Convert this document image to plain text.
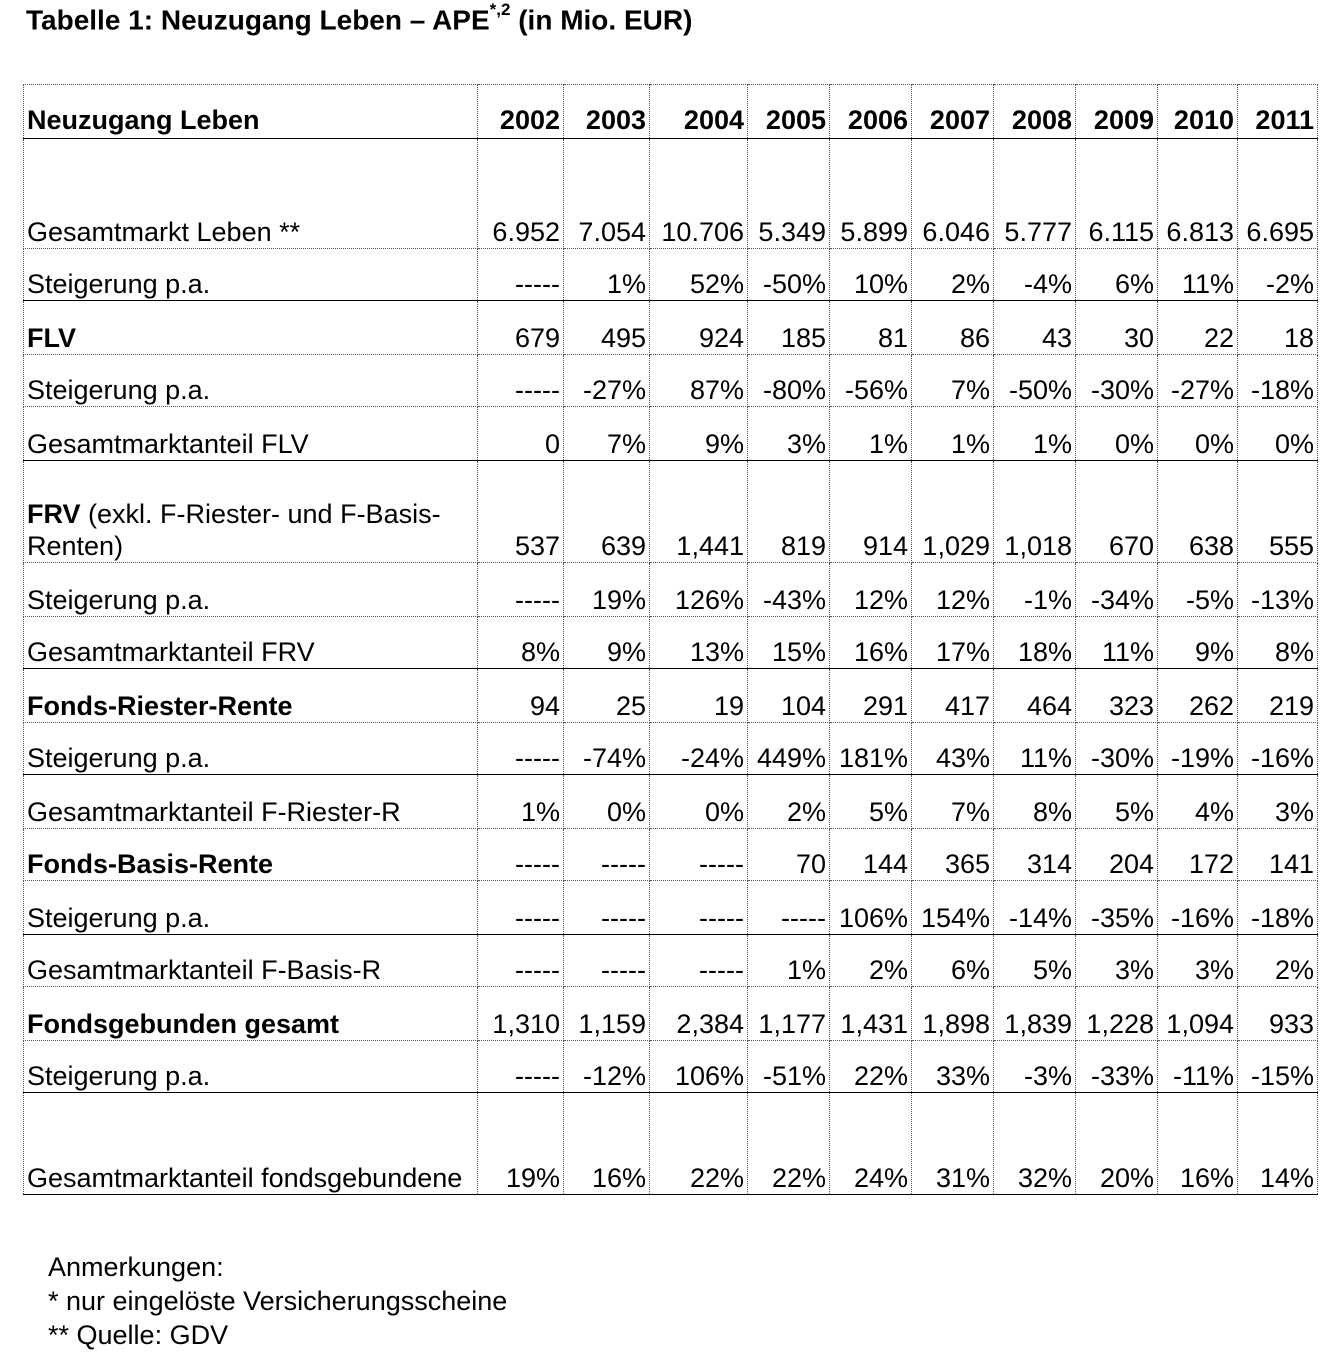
Tabelle 1: Neuzugang Leben – $APE^{*,2}$ (in Mio. EUR)
Neuzugang Leben	2002	2003	2004	2005	2006	2007	2008	2009	2010	2011
Gesamtmarkt Leben **	6.952	7.054	10.706	5.349	5.899	6.046	5.777	6.115	6.813	6.695
Steigerung p.a.	-----	1%	52%	-50%	10%	2%	-4%	6%	11%	-2%
FLV	679	495	924	185	81	86	43	30	22	18
Steigerung p.a.	-----	-27%	87%	-80%	-56%	7%	-50%	-30%	-27%	-18%
Gesamtmarktanteil FLV	0	7%	9%	3%	1%	1%	1%	0%	0%	0%
FRV (exkl. F-Riester- und F-Basis-Renten)	537	639	1,441	819	914	1,029	1,018	670	638	555
Steigerung p.a.	-----	19%	126%	-43%	12%	12%	-1%	-34%	-5%	-13%
Gesamtmarktanteil FRV	8%	9%	13%	15%	16%	17%	18%	11%	9%	8%
Fonds-Riester-Rente	94	25	19	104	291	417	464	323	262	219
Steigerung p.a.	-----	-74%	-24%	449%	181%	43%	11%	-30%	-19%	-16%
Gesamtmarktanteil F-Riester-R	1%	0%	0%	2%	5%	7%	8%	5%	4%	3%
Fonds-Basis-Rente	-----	-----	-----	70	144	365	314	204	172	141
Steigerung p.a.	-----	-----	-----	-----	106%	154%	-14%	-35%	-16%	-18%
Gesamtmarktanteil F-Basis-R	-----	-----	-----	1%	2%	6%	5%	3%	3%	2%
Fondsgebunden gesamt	1,310	1,159	2,384	1,177	1,431	1,898	1,839	1,228	1,094	933
Steigerung p.a.	-----	-12%	106%	-51%	22%	33%	-3%	-33%	-11%	-15%
Gesamtmarktanteil fondsgebundene	19%	16%	22%	22%	24%	31%	32%	20%	16%	14%
Anmerkungen:
* nur eingelöste Versicherungsscheine
** Quelle: GDV
